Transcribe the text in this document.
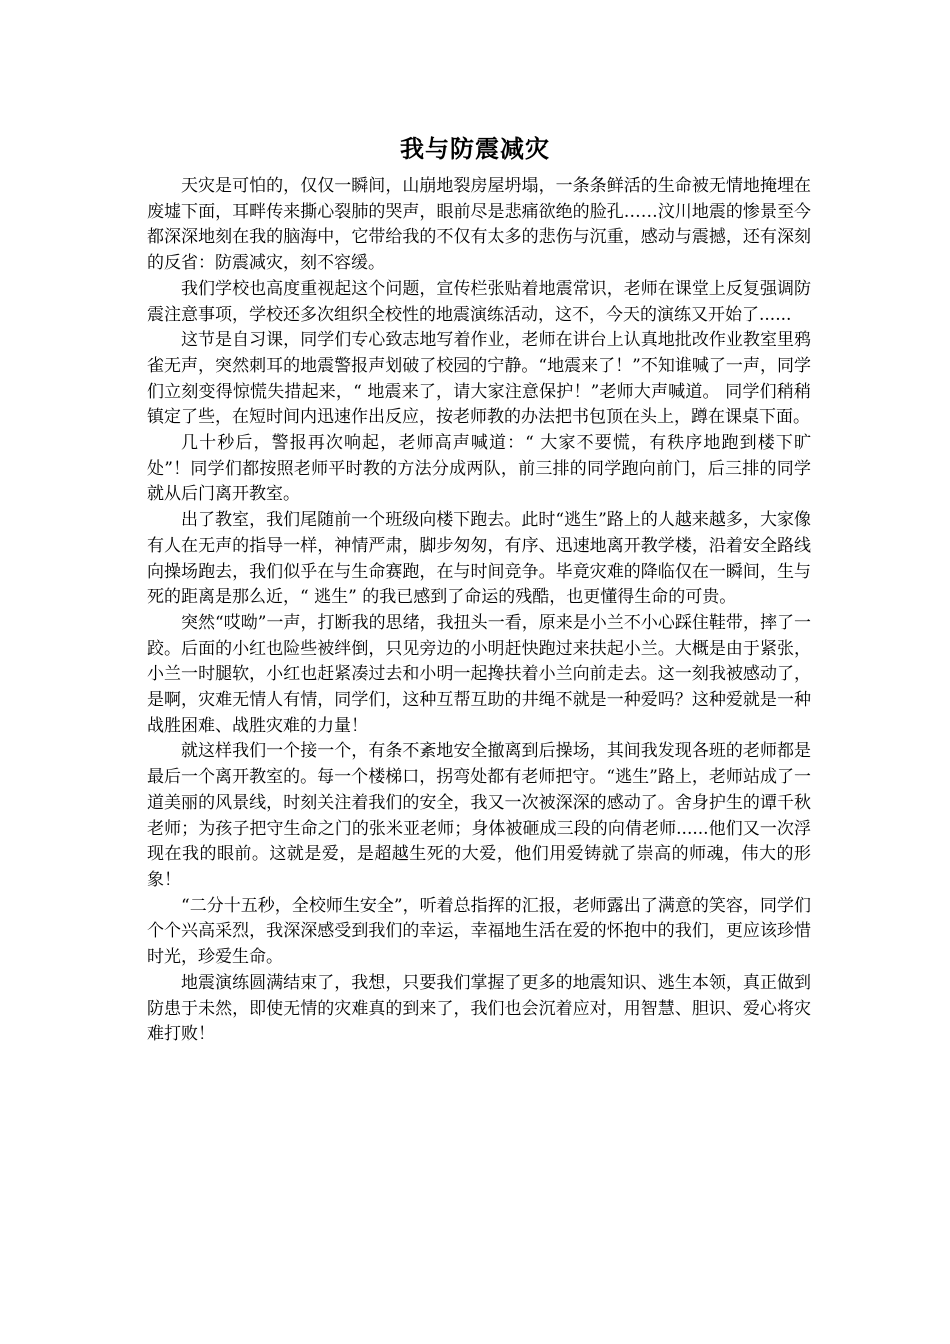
我与防震减灾

天灾是可怕的，仅仅一瞬间，山崩地裂房屋坍塌，一条条鲜活的生命被无情地掩埋在废墟下面，耳畔传来撕心裂肺的哭声，眼前尽是悲痛欲绝的脸孔……汶川地震的惨景至今都深深地刻在我的脑海中，它带给我的不仅有太多的悲伤与沉重，感动与震撼，还有深刻的反省：防震减灾，刻不容缓。

我们学校也高度重视起这个问题，宣传栏张贴着地震常识，老师在课堂上反复强调防震注意事项，学校还多次组织全校性的地震演练活动，这不，今天的演练又开始了......

这节是自习课，同学们专心致志地写着作业，老师在讲台上认真地批改作业教室里鸦雀无声，突然刺耳的地震警报声划破了校园的宁静。“地震来了！”不知谁喊了一声，同学们立刻变得惊慌失措起来，“ 地震来了，请大家注意保护！”老师大声喊道。 同学们稍稍镇定了些，在短时间内迅速作出反应，按老师教的办法把书包顶在头上，蹲在课桌下面。

几十秒后，警报再次响起，老师高声喊道：“ 大家不要慌，有秩序地跑到楼下旷处”！同学们都按照老师平时教的方法分成两队，前三排的同学跑向前门，后三排的同学就从后门离开教室。

出了教室，我们尾随前一个班级向楼下跑去。此时“逃生”路上的人越来越多，大家像有人在无声的指导一样，神情严肃，脚步匆匆，有序、迅速地离开教学楼，沿着安全路线向操场跑去，我们似乎在与生命赛跑，在与时间竞争。毕竟灾难的降临仅在一瞬间，生与死的距离是那么近，“ 逃生” 的我已感到了命运的残酷，也更懂得生命的可贵。

突然“哎呦”一声，打断我的思绪，我扭头一看，原来是小兰不小心踩住鞋带，摔了一跤。后面的小红也险些被绊倒，只见旁边的小明赶快跑过来扶起小兰。大概是由于紧张，小兰一时腿软，小红也赶紧凑过去和小明一起搀扶着小兰向前走去。这一刻我被感动了，是啊，灾难无情人有情，同学们，这种互帮互助的井绳不就是一种爱吗？这种爱就是一种战胜困难、战胜灾难的力量！

就这样我们一个接一个，有条不紊地安全撤离到后操场，其间我发现各班的老师都是最后一个离开教室的。每一个楼梯口，拐弯处都有老师把守。“逃生”路上，老师站成了一道美丽的风景线，时刻关注着我们的安全，我又一次被深深的感动了。舍身护生的谭千秋老师；为孩子把守生命之门的张米亚老师；身体被砸成三段的向倩老师......他们又一次浮现在我的眼前。这就是爱，是超越生死的大爱，他们用爱铸就了崇高的师魂，伟大的形象！

“二分十五秒，全校师生安全”，听着总指挥的汇报，老师露出了满意的笑容，同学们个个兴高采烈，我深深感受到我们的幸运，幸福地生活在爱的怀抱中的我们，更应该珍惜时光，珍爱生命。

地震演练圆满结束了，我想，只要我们掌握了更多的地震知识、逃生本领，真正做到防患于未然，即使无情的灾难真的到来了，我们也会沉着应对，用智慧、胆识、爱心将灾难打败！
